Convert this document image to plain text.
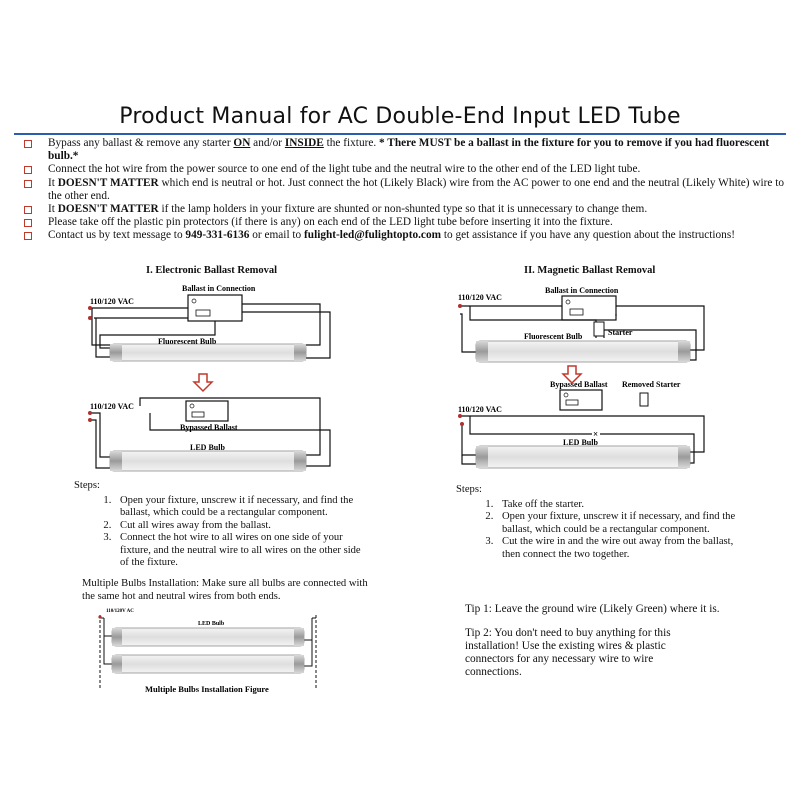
Product Manual for AC Double-End Input LED Tube
Bypass any ballast & remove any starter ON and/or INSIDE the fixture. * There MUST be a ballast in the fixture for you to remove if you had fluorescent bulb.*
Connect the hot wire from the power source to one end of the light tube and the neutral wire to the other end of the LED light tube.
It DOESN'T MATTER which end is neutral or hot. Just connect the hot (Likely Black) wire from the AC power to one end and the neutral (Likely White) wire to the other end.
It DOESN'T MATTER if the lamp holders in your fixture are shunted or non-shunted type so that it is unnecessary to change them.
Please take off the plastic pin protectors (if there is any) on each end of the LED light tube before inserting it into the fixture.
Contact us by text message to 949-331-6136 or email to fulight-led@fulightopto.com to get assistance if you have any question about the instructions!
I. Electronic Ballast Removal	II. Magnetic Ballast Removal
110/120 VAC
Ballast in Connection
Fluorescent Bulb
110/120 VAC
Bypassed Ballast
LED Bulb
110/120V AC
LED Bulb
Multiple Bulbs Installation Figure
110/120 VAC
Ballast in Connection
Fluorescent Bulb	Starter
Bypassed Ballast Removed Starter
×
110/120 VAC
LED Bulb
Steps:
1. Open your fixture, unscrew it if necessary, and find the ballast, which could be a rectangular component.
2. Cut all wires away from the ballast.
3. Connect the hot wire to all wires on one side of your fixture, and the neutral wire to all wires on the other side of the fixture.
Multiple Bulbs Installation: Make sure all bulbs are connected with the same hot and neutral wires from both ends.
Steps:
1. Take off the starter.
2. Open your fixture, unscrew it if necessary, and find the ballast, which could be a rectangular component.
3. Cut the wire in and the wire out away from the ballast, then connect the two together.
Tip 1: Leave the ground wire (Likely Green) where it is.
Tip 2: You don't need to buy anything for this installation! Use the existing wires & plastic connectors for any necessary wire to wire connections.
